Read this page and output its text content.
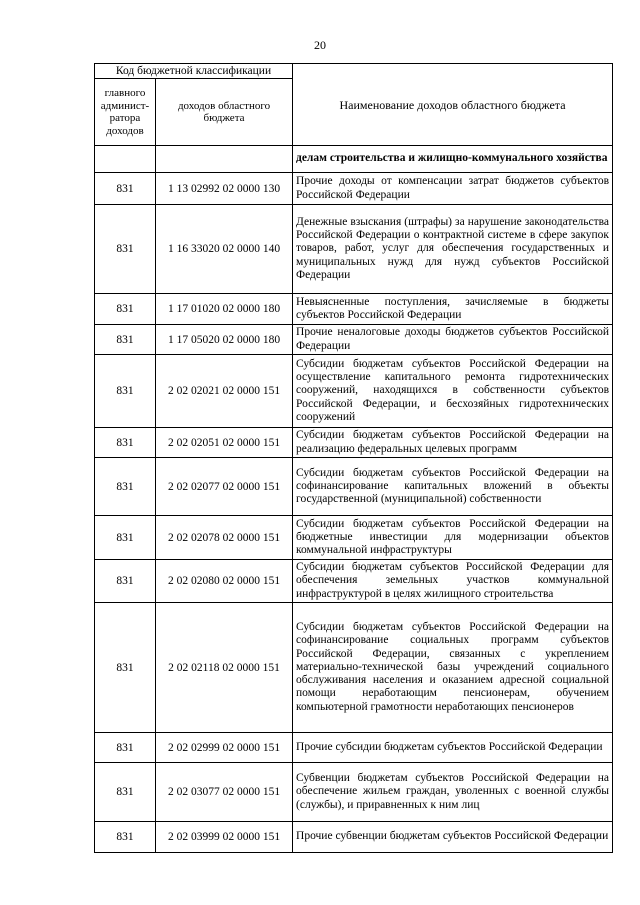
20
Код бюджетной классификации		Наименование доходов областного бюджета
главного админист-ратора доходов	доходов областного бюджета	
		делам строительства и жилищно-коммунального хозяйства
831	1 13 02992 02 0000 130	Прочие доходы от компенсации затрат бюджетов субъектов Российской Федерации
831	1 16 33020 02 0000 140	Денежные взыскания (штрафы) за нарушение законодательства Российской Федерации о контрактной системе в сфере закупок товаров, работ, услуг для обеспечения государственных и муниципальных нужд для нужд субъектов Российской Федерации
831	1 17 01020 02 0000 180	Невыясненные поступления, зачисляемые в бюджеты субъектов Российской Федерации
831	1 17 05020 02 0000 180	Прочие неналоговые доходы бюджетов субъектов Российской Федерации
831	2 02 02021 02 0000 151	Субсидии бюджетам субъектов Российской Федерации на осуществление капитального ремонта гидротехнических сооружений, находящихся в собственности субъектов Российской Федерации, и бесхозяйных гидротехнических сооружений
831	2 02 02051 02 0000 151	Субсидии бюджетам субъектов Российской Федерации на реализацию федеральных целевых программ
831	2 02 02077 02 0000 151	Субсидии бюджетам субъектов Российской Федерации на софинансирование капитальных вложений в объекты государственной (муниципальной) собственности
831	2 02 02078 02 0000 151	Субсидии бюджетам субъектов Российской Федерации на бюджетные инвестиции для модернизации объектов коммунальной инфраструктуры
831	2 02 02080 02 0000 151	Субсидии бюджетам субъектов Российской Федерации для обеспечения земельных участков коммунальной инфраструктурой в целях жилищного строительства
831	2 02 02118 02 0000 151	Субсидии бюджетам субъектов Российской Федерации на софинансирование социальных программ субъектов Российской Федерации, связанных с укреплением материально-технической базы учреждений социального обслуживания населения и оказанием адресной социальной помощи неработающим пенсионерам, обучением компьютерной грамотности неработающих пенсионеров
831	2 02 02999 02 0000 151	Прочие субсидии бюджетам субъектов Российской Федерации
831	2 02 03077 02 0000 151	Субвенции бюджетам субъектов Российской Федерации на обеспечение жильем граждан, уволенных с военной службы (службы), и приравненных к ним лиц
831	2 02 03999 02 0000 151	Прочие субвенции бюджетам субъектов Российской Федерации
